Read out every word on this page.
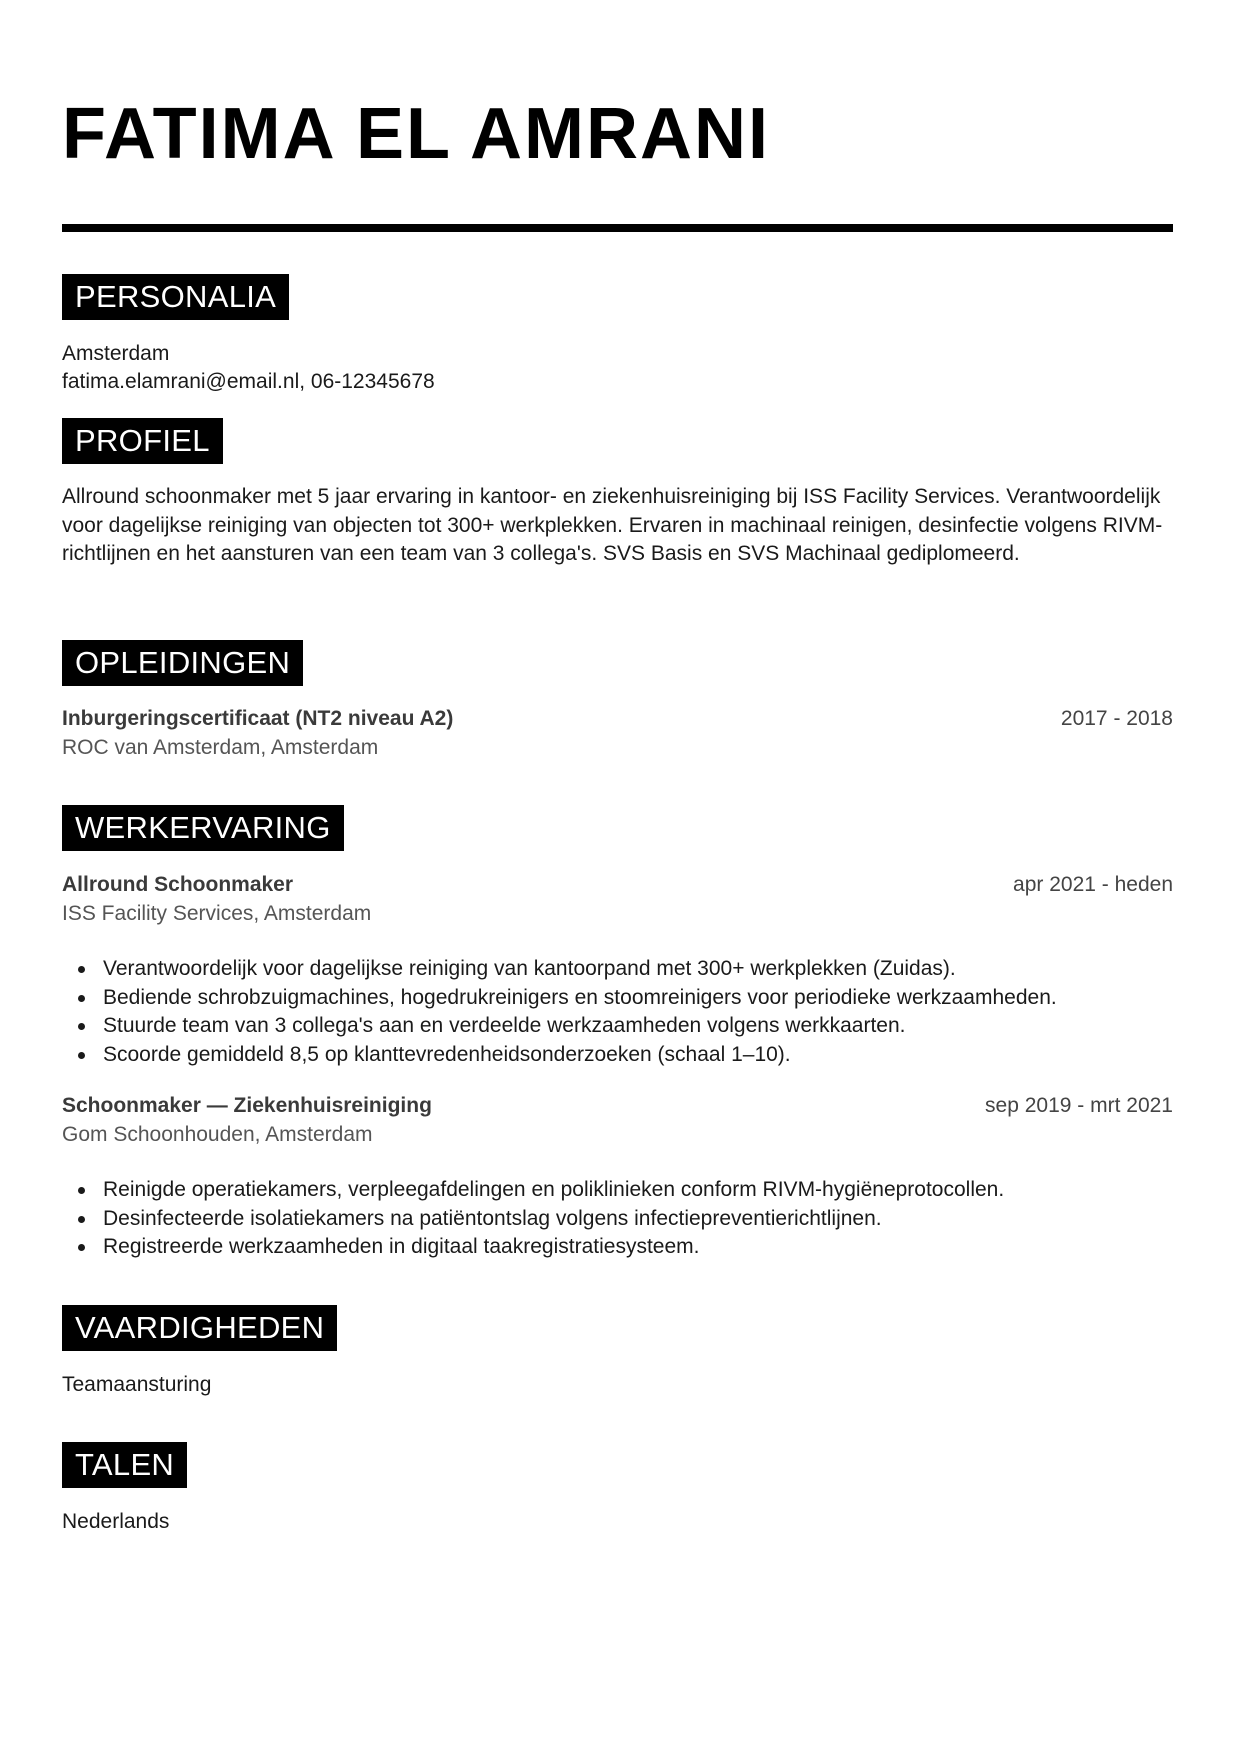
FATIMA EL AMRANI
PERSONALIA
Amsterdam
fatima.elamrani@email.nl, 06-12345678
PROFIEL

Allround schoonmaker met 5 jaar ervaring in kantoor- en ziekenhuisreiniging bij ISS Facility Services. Verantwoordelijk voor dagelijkse reiniging van objecten tot 300+ werkplekken. Ervaren in machinaal reinigen, desinfectie volgens RIVM-richtlijnen en het aansturen van een team van 3 collega's. SVS Basis en SVS Machinaal gediplomeerd.

OPLEIDINGEN
Inburgeringscertificaat (NT2 niveau A2)	2017 - 2018
ROC van Amsterdam, Amsterdam
WERKERVARING
Allround Schoonmaker	apr 2021 - heden
ISS Facility Services, Amsterdam
Verantwoordelijk voor dagelijkse reiniging van kantoorpand met 300+ werkplekken (Zuidas).
Bediende schrobzuigmachines, hogedrukreinigers en stoomreinigers voor periodieke werkzaamheden.
Stuurde team van 3 collega's aan en verdeelde werkzaamheden volgens werkkaarten.
Scoorde gemiddeld 8,5 op klanttevredenheidsonderzoeken (schaal 1–10).
Schoonmaker — Ziekenhuisreiniging	sep 2019 - mrt 2021
Gom Schoonhouden, Amsterdam
Reinigde operatiekamers, verpleegafdelingen en poliklinieken conform RIVM-hygiëneprotocollen.
Desinfecteerde isolatiekamers na patiëntontslag volgens infectiepreventierichtlijnen.
Registreerde werkzaamheden in digitaal taakregistratiesysteem.
VAARDIGHEDEN
Teamaansturing
TALEN
Nederlands
